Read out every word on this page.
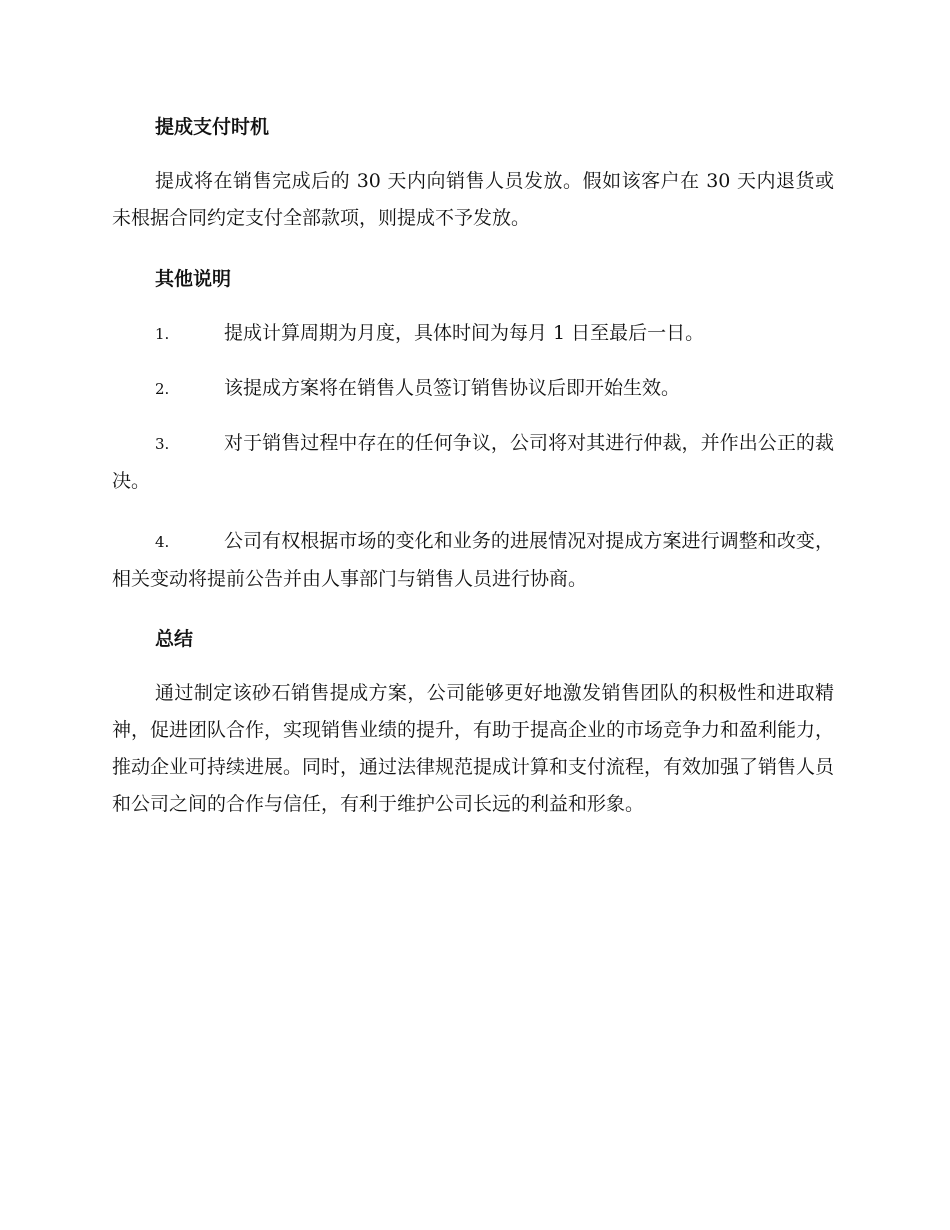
提成支付时机

提成将在销售完成后的 30 天内向销售人员发放。假如该客户在 30 天内退货或未根据合同约定支付全部款项，则提成不予发放。

其他说明

1.	提成计算周期为月度，具体时间为每月 1 日至最后一日。

2.	该提成方案将在销售人员签订销售协议后即开始生效。

3.	对于销售过程中存在的任何争议，公司将对其进行仲裁，并作出公正的裁决。

4.	公司有权根据市场的变化和业务的进展情况对提成方案进行调整和改变，相关变动将提前公告并由人事部门与销售人员进行协商。

总结

通过制定该砂石销售提成方案，公司能够更好地激发销售团队的积极性和进取精神，促进团队合作，实现销售业绩的提升，有助于提高企业的市场竞争力和盈利能力，推动企业可持续进展。同时，通过法律规范提成计算和支付流程，有效加强了销售人员和公司之间的合作与信任，有利于维护公司长远的利益和形象。
